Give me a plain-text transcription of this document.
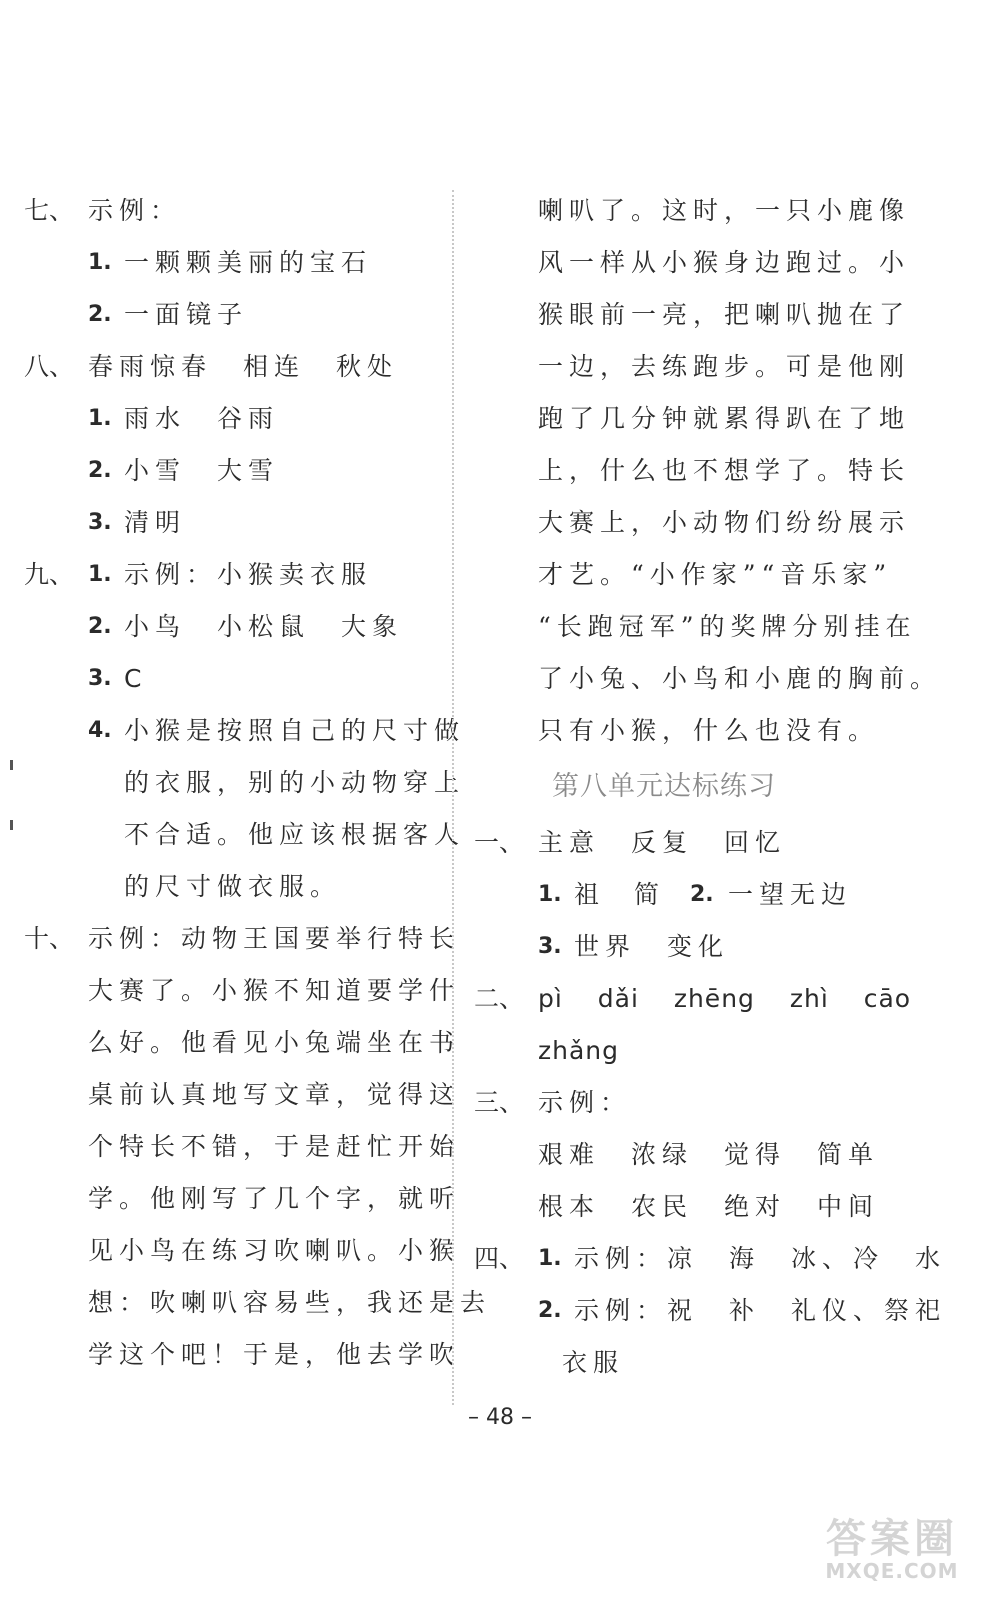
七、 示例：
1. 一颗颗美丽的宝石
2. 一面镜子
八、 春雨惊春　相连　秋处
1. 雨水　谷雨
2. 小雪　大雪
3. 清明
九、 1. 示例：小猴卖衣服
2. 小鸟　小松鼠　大象
3. C
4. 小猴是按照自己的尺寸做
的衣服，别的小动物穿上
不合适。他应该根据客人
的尺寸做衣服。
十、 示例：动物王国要举行特长
大赛了。小猴不知道要学什
么好。他看见小兔端坐在书
桌前认真地写文章，觉得这
个特长不错，于是赶忙开始
学。他刚写了几个字，就听
见小鸟在练习吹喇叭。小猴
想：吹喇叭容易些，我还是去
学这个吧！于是，他去学吹
喇叭了。这时，一只小鹿像
风一样从小猴身边跑过。小
猴眼前一亮，把喇叭抛在了
一边，去练跑步。可是他刚
跑了几分钟就累得趴在了地
上，什么也不想学了。特长
大赛上，小动物们纷纷展示
才艺。“小作家”“音乐家”
“长跑冠军”的奖牌分别挂在
了小兔、小鸟和小鹿的胸前。
只有小猴，什么也没有。
第八单元达标练习
一、 主意　反复　回忆
1. 祖 简 2. 一望无边
3. 世界　变化
二、 pì dǎi zhēng zhì cāo
zhǎng
三、 示例：
艰难　浓绿　觉得　简单
根本　农民　绝对　中间
四、 1. 示例：凉　海　冰、冷　水
2. 示例：祝　补　礼仪、祭祀
衣服
– 48 –
答案圈
MXQE.COM
